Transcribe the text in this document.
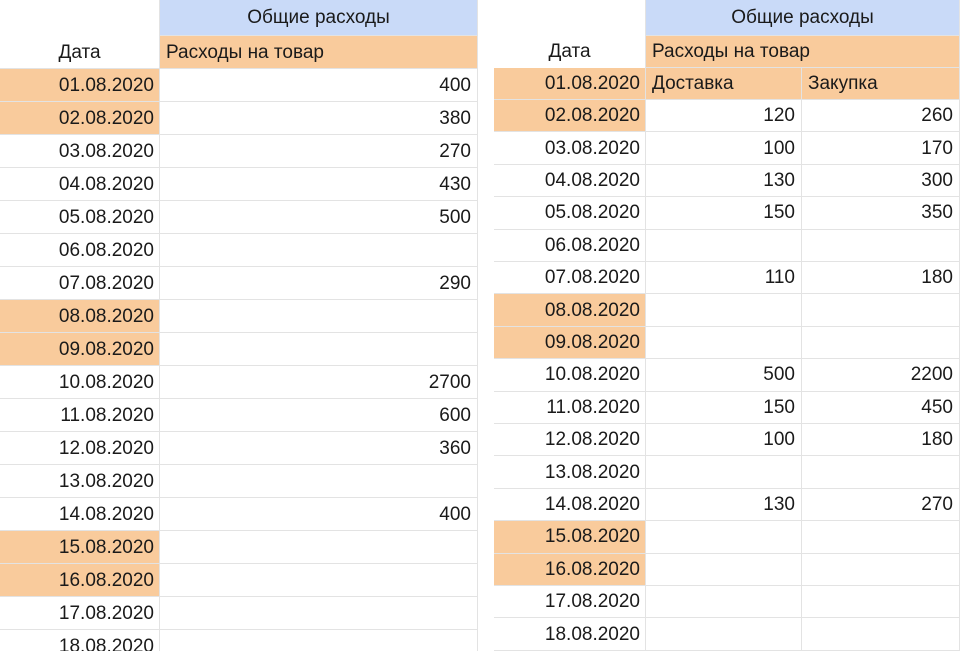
Общие расходы
Дата	Расходы на товар
01.08.2020	400
02.08.2020	380
03.08.2020	270
04.08.2020	430
05.08.2020	500
06.08.2020
07.08.2020	290
08.08.2020
09.08.2020
10.08.2020	2700
11.08.2020	600
12.08.2020	360
13.08.2020
14.08.2020	400
15.08.2020
16.08.2020
17.08.2020
18.08.2020
Общие расходы
Дата	Расходы на товар
01.08.2020 Доставка	Закупка
02.08.2020	120	260
03.08.2020	100	170
04.08.2020	130	300
05.08.2020	150	350
06.08.2020
07.08.2020	110	180
08.08.2020
09.08.2020
10.08.2020	500	2200
11.08.2020	150	450
12.08.2020	100	180
13.08.2020
14.08.2020	130	270
15.08.2020
16.08.2020
17.08.2020
18.08.2020
